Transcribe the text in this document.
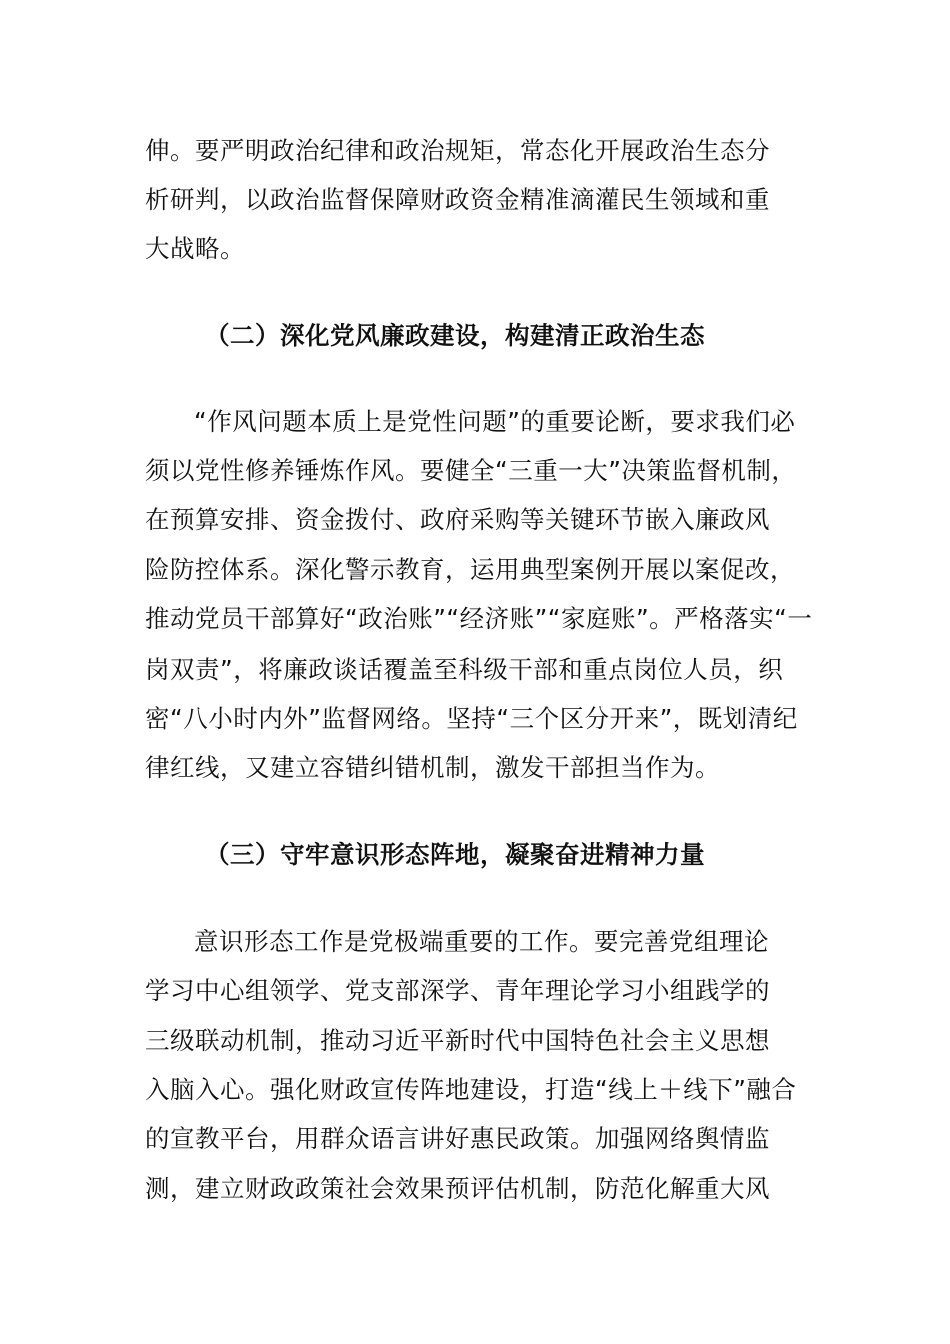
伸。要严明政治纪律和政治规矩，常态化开展政治生态分
析研判，以政治监督保障财政资金精准滴灌民生领域和重
大战略。
（二）深化党风廉政建设，构建清正政治生态
“作风问题本质上是党性问题”的重要论断，要求我们必
须以党性修养锤炼作风。要健全“三重一大”决策监督机制，
在预算安排、资金拨付、政府采购等关键环节嵌入廉政风
险防控体系。深化警示教育，运用典型案例开展以案促改，
推动党员干部算好“政治账”“经济账”“家庭账”。严格落实“一
岗双责”，将廉政谈话覆盖至科级干部和重点岗位人员，织
密“八小时内外”监督网络。坚持“三个区分开来”，既划清纪
律红线，又建立容错纠错机制，激发干部担当作为。
（三）守牢意识形态阵地，凝聚奋进精神力量
意识形态工作是党极端重要的工作。要完善党组理论
学习中心组领学、党支部深学、青年理论学习小组践学的
三级联动机制，推动习近平新时代中国特色社会主义思想
入脑入心。强化财政宣传阵地建设，打造“线上＋线下”融合
的宣教平台，用群众语言讲好惠民政策。加强网络舆情监
测，建立财政政策社会效果预评估机制，防范化解重大风
